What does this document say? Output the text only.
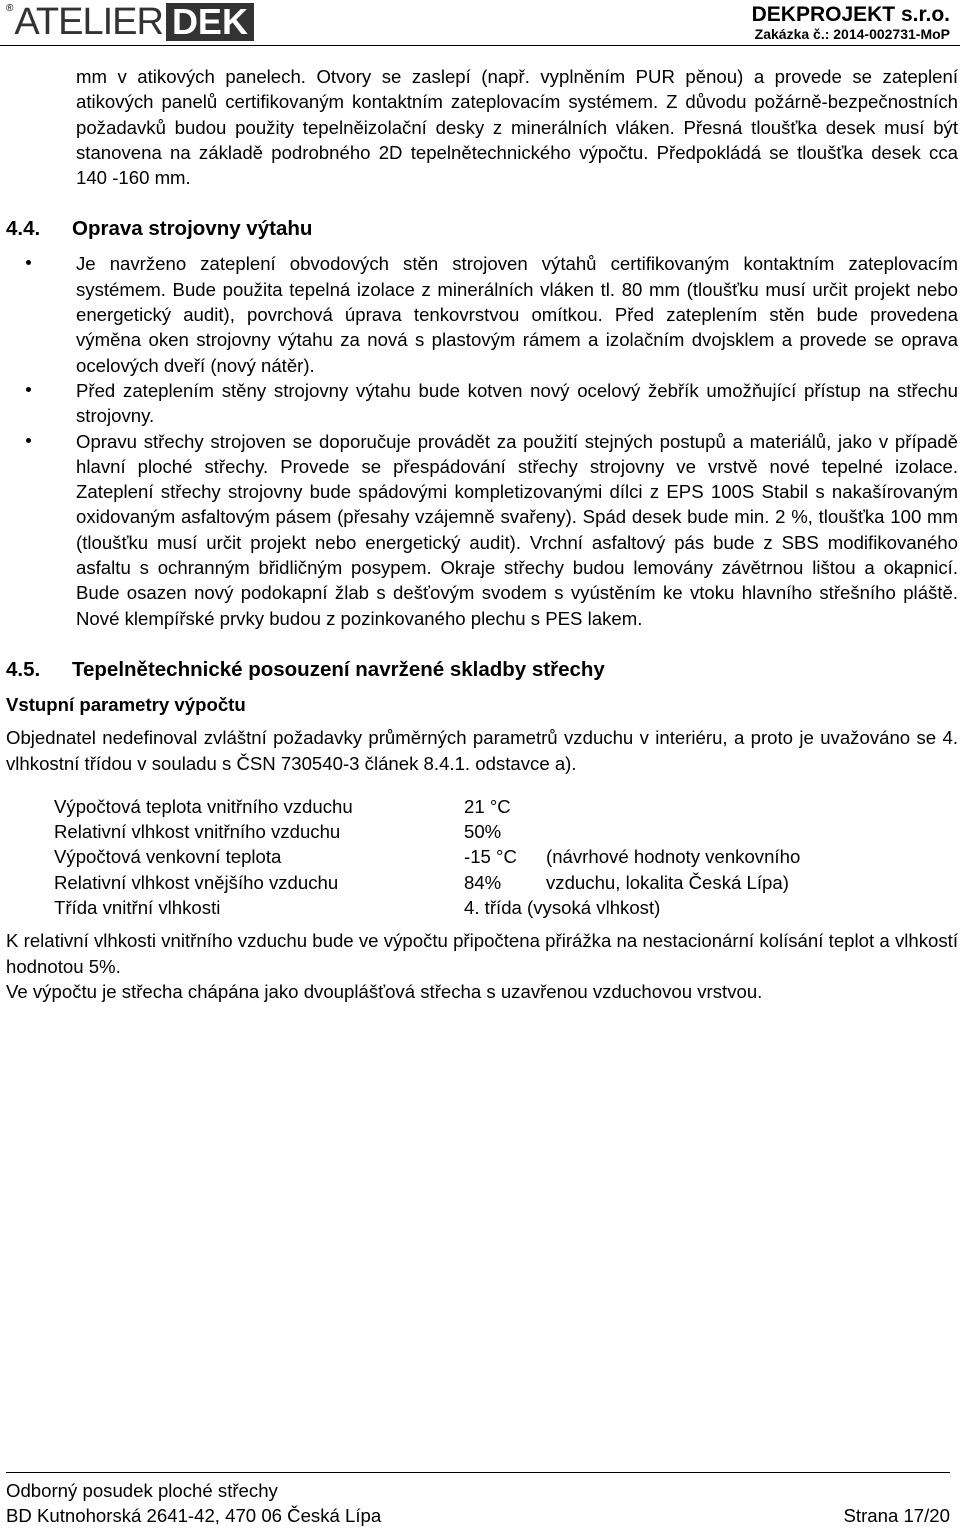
® ATELIER DEK	DEKPROJEKT s.r.o.
Zakázka č.: 2014-002731-MoP

mm v atikových panelech. Otvory se zaslepí (např. vyplněním PUR pěnou) a provede se zateplení atikových panelů certifikovaným kontaktním zateplovacím systémem. Z důvodu požárně-bezpečnostních požadavků budou použity tepelněizolační desky z minerálních vláken. Přesná tloušťka desek musí být stanovena na základě podrobného 2D tepelnětechnického výpočtu. Předpokládá se tloušťka desek cca 140 -160 mm.

4.4. Oprava strojovny výtahu
Je navrženo zateplení obvodových stěn strojoven výtahů certifikovaným kontaktním zateplovacím systémem. Bude použita tepelná izolace z minerálních vláken tl. 80 mm (tloušťku musí určit projekt nebo energetický audit), povrchová úprava tenkovrstvou omítkou. Před zateplením stěn bude provedena výměna oken strojovny výtahu za nová s plastovým rámem a izolačním dvojsklem a provede se oprava ocelových dveří (nový nátěr).
Před zateplením stěny strojovny výtahu bude kotven nový ocelový žebřík umožňující přístup na střechu strojovny.
Opravu střechy strojoven se doporučuje provádět za použití stejných postupů a materiálů, jako v případě hlavní ploché střechy. Provede se přespádování střechy strojovny ve vrstvě nové tepelné izolace. Zateplení střechy strojovny bude spádovými kompletizovanými dílci z EPS 100S Stabil s nakašírovaným oxidovaným asfaltovým pásem (přesahy vzájemně svařeny). Spád desek bude min. 2 %, tloušťka 100 mm (tloušťku musí určit projekt nebo energetický audit). Vrchní asfaltový pás bude z SBS modifikovaného asfaltu s ochranným břidličným posypem. Okraje střechy budou lemovány závětrnou lištou a okapnicí. Bude osazen nový podokapní žlab s dešťovým svodem s vyústěním ke vtoku hlavního střešního pláště. Nové klempířské prvky budou z pozinkovaného plechu s PES lakem.
4.5. Tepelnětechnické posouzení navržené skladby střechy
Vstupní parametry výpočtu

Objednatel nedefinoval zvláštní požadavky průměrných parametrů vzduchu v interiéru, a proto je uvažováno se 4. vlhkostní třídou v souladu s ČSN 730540-3 článek 8.4.1. odstavce a).

Výpočtová teplota vnitřního vzduchu	21 °C	
Relativní vlhkost vnitřního vzduchu	50%	
Výpočtová venkovní teplota	-15 °C	(návrhové hodnoty venkovního
Relativní vlhkost vnějšího vzduchu	84%	vzduchu, lokalita Česká Lípa)
Třída vnitřní vlhkosti	4. třída (vysoká vlhkost)	

K relativní vlhkosti vnitřního vzduchu bude ve výpočtu připočtena přirážka na nestacionární kolísání teplot a vlhkostí hodnotou 5%.

Ve výpočtu je střecha chápána jako dvouplášťová střecha s uzavřenou vzduchovou vrstvou.

Odborný posudek ploché střechy
BD Kutnohorská 2641-42, 470 06 Česká Lípa	Strana 17/20
